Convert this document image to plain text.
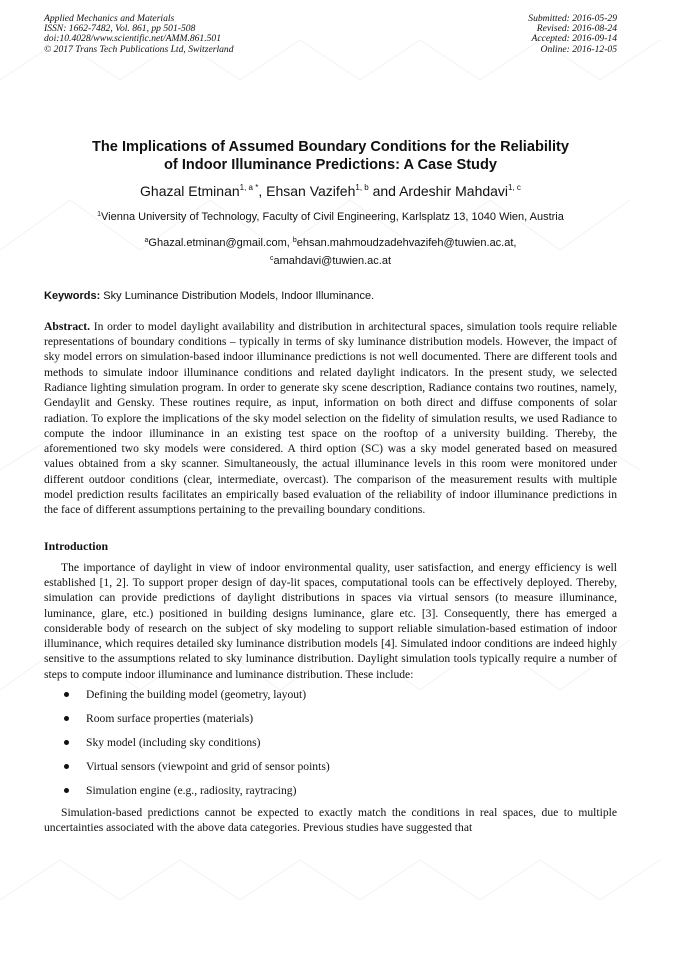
Applied Mechanics and Materials
ISSN: 1662-7482, Vol. 861, pp 501-508
doi:10.4028/www.scientific.net/AMM.861.501
© 2017 Trans Tech Publications Ltd, Switzerland
Submitted: 2016-05-29
Revised: 2016-08-24
Accepted: 2016-09-14
Online: 2016-12-05
The Implications of Assumed Boundary Conditions for the Reliability
of Indoor Illuminance Predictions: A Case Study
Ghazal Etminan$^{1, a *}$, Ehsan Vazifeh$^{1, b}$ and Ardeshir Mahdavi$^{1, c}$
$^1$Vienna University of Technology, Faculty of Civil Engineering, Karlsplatz 13, 1040 Wien, Austria
$^a$Ghazal.etminan@gmail.com, $^b$ehsan.mahmoudzadehvazifeh@tuwien.ac.at,
$^c$amahdavi@tuwien.ac.at
Keywords: Sky Luminance Distribution Models, Indoor Illuminance.
Abstract. In order to model daylight availability and distribution in architectural spaces, simulation tools require reliable representations of boundary conditions – typically in terms of sky luminance distribution models. However, the impact of sky model errors on simulation-based indoor illuminance predictions is not well documented. There are different tools and methods to simulate indoor illuminance conditions and related daylight indicators. In the present study, we selected Radiance lighting simulation program. In order to generate sky scene description, Radiance contains two routines, namely, Gendaylit and Gensky. These routines require, as input, information on both direct and diffuse components of solar radiation. To explore the implications of the sky model selection on the fidelity of simulation results, we used Radiance to compute the indoor illuminance in an existing test space on the rooftop of a university building. Thereby, the aforementioned two sky models were considered. A third option (SC) was a sky model generated based on measured values obtained from a sky scanner. Simultaneously, the actual illuminance levels in this room were monitored under different outdoor conditions (clear, intermediate, overcast). The comparison of the measurement results with multiple model prediction results facilitates an empirically based evaluation of the reliability of indoor illuminance predictions in the face of different assumptions pertaining to the prevailing boundary conditions.
Introduction
The importance of daylight in view of indoor environmental quality, user satisfaction, and energy efficiency is well established [1, 2]. To support proper design of day-lit spaces, computational tools can be effectively deployed. Thereby, simulation can provide predictions of daylight distributions in spaces via virtual sensors (to measure illuminance, luminance, glare, etc.) positioned in building designs luminance, glare etc. [3]. Consequently, there has emerged a considerable body of research on the subject of sky modeling to support reliable simulation-based estimation of indoor illuminance, which requires detailed sky luminance distribution models [4]. Simulated indoor conditions are indeed highly sensitive to the assumptions related to sky luminance distribution. Daylight simulation tools typically require a number of steps to compute indoor illuminance and luminance distribution. These include:
Defining the building model (geometry, layout)
Room surface properties (materials)
Sky model (including sky conditions)
Virtual sensors (viewpoint and grid of sensor points)
Simulation engine (e.g., radiosity, raytracing)
Simulation-based predictions cannot be expected to exactly match the conditions in real spaces, due to multiple uncertainties associated with the above data categories. Previous studies have suggested that
